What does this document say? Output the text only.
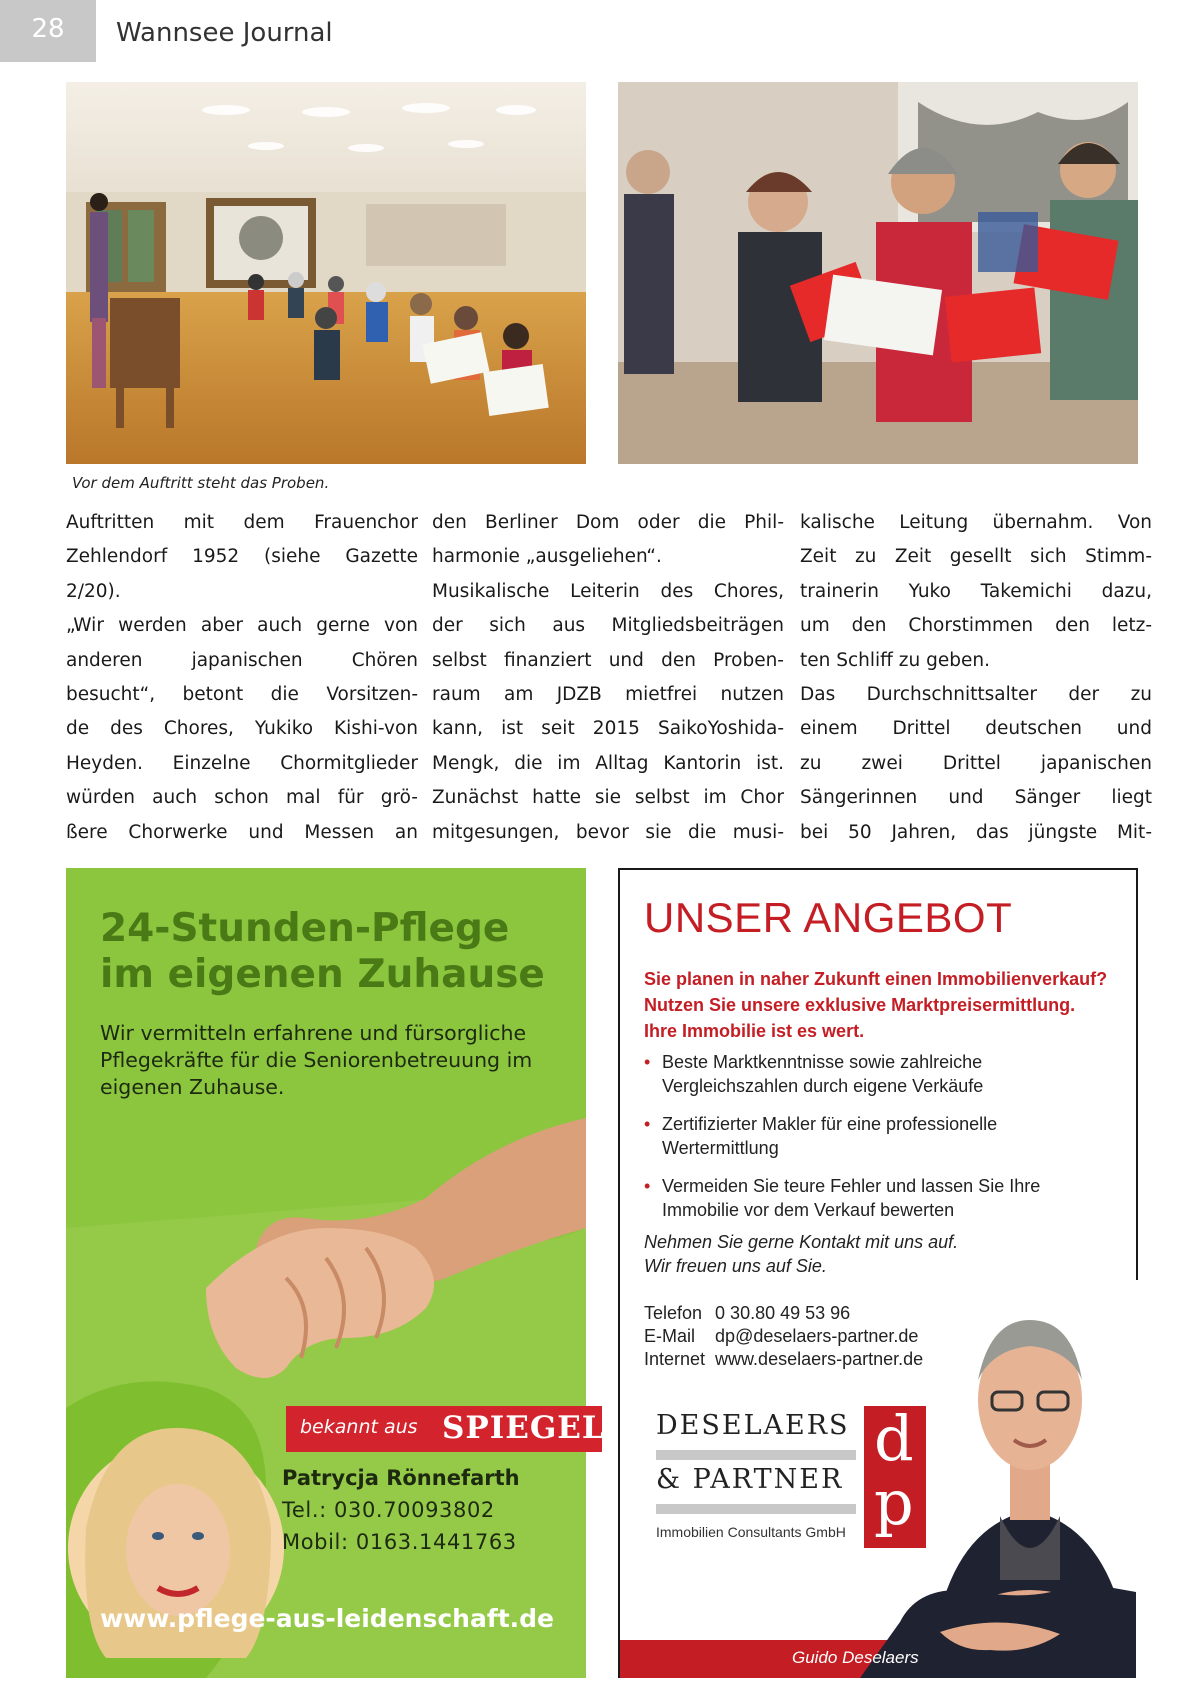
28	Wannsee Journal
Vor dem Auftritt steht das Proben.
Auftritten mit dem Frauenchor
Zehlendorf 1952 (siehe Gazette
2/20).
„Wir werden aber auch gerne von
anderen japanischen Chören
besucht“, betont die Vorsitzen-
de des Chores, Yukiko Kishi-von
Heyden. Einzelne Chormitglieder
würden auch schon mal für grö-
ßere Chorwerke und Messen an
den Berliner Dom oder die Phil-
harmonie „ausgeliehen“.
Musikalische Leiterin des Chores,
der sich aus Mitgliedsbeiträgen
selbst finanziert und den Proben-
raum am JDZB mietfrei nutzen
kann, ist seit 2015 SaikoYoshida-
Mengk, die im Alltag Kantorin ist.
Zunächst hatte sie selbst im Chor
mitgesungen, bevor sie die musi-
kalische Leitung übernahm. Von
Zeit zu Zeit gesellt sich Stimm-
trainerin Yuko Takemichi dazu,
um den Chorstimmen den letz-
ten Schliff zu geben.
Das Durchschnittsalter der zu
einem Drittel deutschen und
zu zwei Drittel japanischen
Sängerinnen und Sänger liegt
bei 50 Jahren, das jüngste Mit-
24-Stunden-Pflege
im eigenen Zuhause
Wir vermitteln erfahrene und fürsorgliche Pflegekräfte für die Seniorenbetreuung im eigenen Zuhause.
bekannt aus SPIEGEL
Patrycja Rönnefarth
Tel.: 030.70093802
Mobil: 0163.1441763
www.pflege-aus-leidenschaft.de
UNSER ANGEBOT
Sie planen in naher Zukunft einen Immobilienverkauf?
Nutzen Sie unsere exklusive Marktpreisermittlung.
Ihre Immobilie ist es wert.
• Beste Marktkenntnisse sowie zahlreiche Vergleichszahlen durch eigene Verkäufe
• Zertifizierter Makler für eine professionelle Wertermittlung
• Vermeiden Sie teure Fehler und lassen Sie Ihre Immobilie vor dem Verkauf bewerten
Nehmen Sie gerne Kontakt mit uns auf.
Wir freuen uns auf Sie.
Telefon	0 30.80 49 53 96
E-Mail	dp@deselaers-partner.de
Internet	www.deselaers-partner.de
DESELAERS
& PARTNER
Immobilien Consultants GmbH
d
p
Guido Deselaers
